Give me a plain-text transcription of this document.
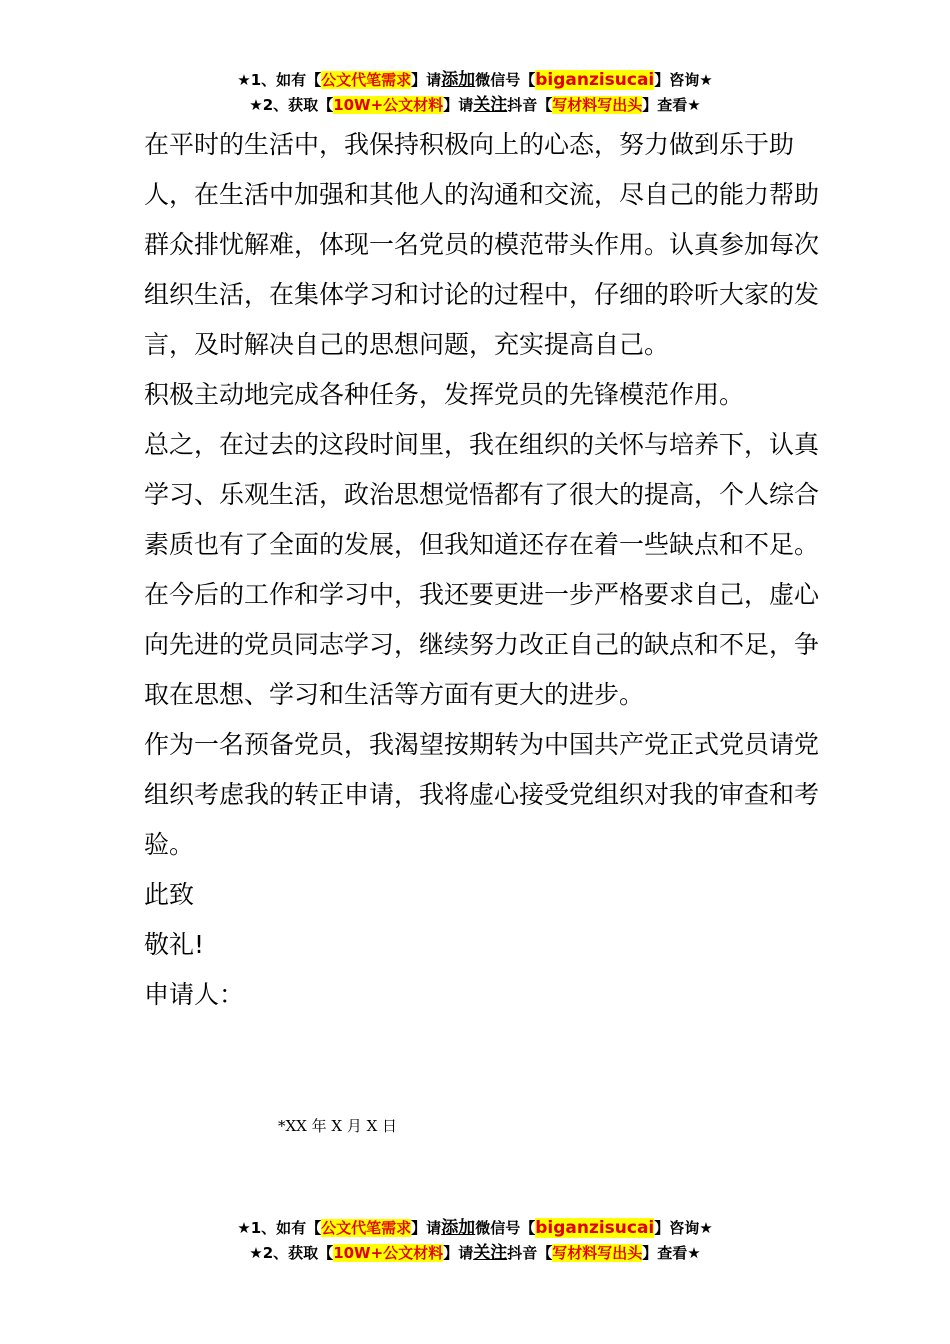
★1、如有【公文代笔需求】请添加微信号【biganzisucai】咨询★
★2、获取【10W+公文材料】请关注抖音【写材料写出头】查看★

在平时的生活中，我保持积极向上的心态，努力做到乐于助人，在生活中加强和其他人的沟通和交流，尽自己的能力帮助群众排忧解难，体现一名党员的模范带头作用。认真参加每次组织生活，在集体学习和讨论的过程中，仔细的聆听大家的发言，及时解决自己的思想问题，充实提高自己。

积极主动地完成各种任务，发挥党员的先锋模范作用。

总之，在过去的这段时间里，我在组织的关怀与培养下，认真学习、乐观生活，政治思想觉悟都有了很大的提高，个人综合素质也有了全面的发展，但我知道还存在着一些缺点和不足。在今后的工作和学习中，我还要更进一步严格要求自己，虚心向先进的党员同志学习，继续努力改正自己的缺点和不足，争取在思想、学习和生活等方面有更大的进步。

作为一名预备党员，我渴望按期转为中国共产党正式党员请党组织考虑我的转正申请，我将虚心接受党组织对我的审查和考验。

此致

敬礼!

申请人：

*XX 年 X 月 X 日
★1、如有【公文代笔需求】请添加微信号【biganzisucai】咨询★
★2、获取【10W+公文材料】请关注抖音【写材料写出头】查看★
